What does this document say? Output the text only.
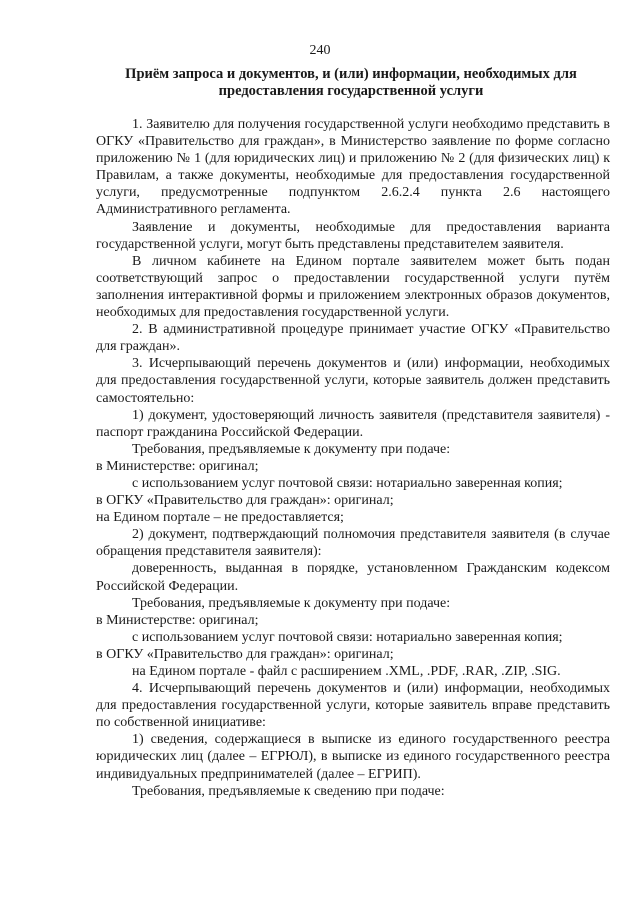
240
Приём запроса и документов, и (или) информации, необходимых для
предоставления государственной услуги

1. Заявителю для получения государственной услуги необходимо представить в ОГКУ «Правительство для граждан», в Министерство заявление по форме согласно приложению № 1 (для юридических лиц) и приложению № 2 (для физических лиц) к Правилам, а также документы, необходимые для предоставления государственной услуги, предусмотренные подпунктом 2.6.2.4 пункта 2.6 настоящего Административного регламента.

Заявление и документы, необходимые для предоставления варианта государственной услуги, могут быть представлены представителем заявителя.

В личном кабинете на Едином портале заявителем может быть подан соответствующий запрос о предоставлении государственной услуги путём заполнения интерактивной формы и приложением электронных образов документов, необходимых для предоставления государственной услуги.

2. В административной процедуре принимает участие ОГКУ «Правительство для граждан».

3. Исчерпывающий перечень документов и (или) информации, необходимых для предоставления государственной услуги, которые заявитель должен представить самостоятельно:

1) документ, удостоверяющий личность заявителя (представителя заявителя) - паспорт гражданина Российской Федерации.

Требования, предъявляемые к документу при подаче:

в Министерстве: оригинал;

с использованием услуг почтовой связи: нотариально заверенная копия;

в ОГКУ «Правительство для граждан»: оригинал;

на Едином портале – не предоставляется;

2) документ, подтверждающий полномочия представителя заявителя (в случае обращения представителя заявителя):

доверенность, выданная в порядке, установленном Гражданским кодексом Российской Федерации.

Требования, предъявляемые к документу при подаче:

в Министерстве: оригинал;

с использованием услуг почтовой связи: нотариально заверенная копия;

в ОГКУ «Правительство для граждан»: оригинал;

на Едином портале - файл с расширением .XML, .PDF, .RAR, .ZIP, .SIG.

4. Исчерпывающий перечень документов и (или) информации, необходимых для предоставления государственной услуги, которые заявитель вправе представить по собственной инициативе:

1) сведения, содержащиеся в выписке из единого государственного реестра юридических лиц (далее – ЕГРЮЛ), в выписке из единого государственного реестра индивидуальных предпринимателей (далее – ЕГРИП).

Требования, предъявляемые к сведению при подаче:
